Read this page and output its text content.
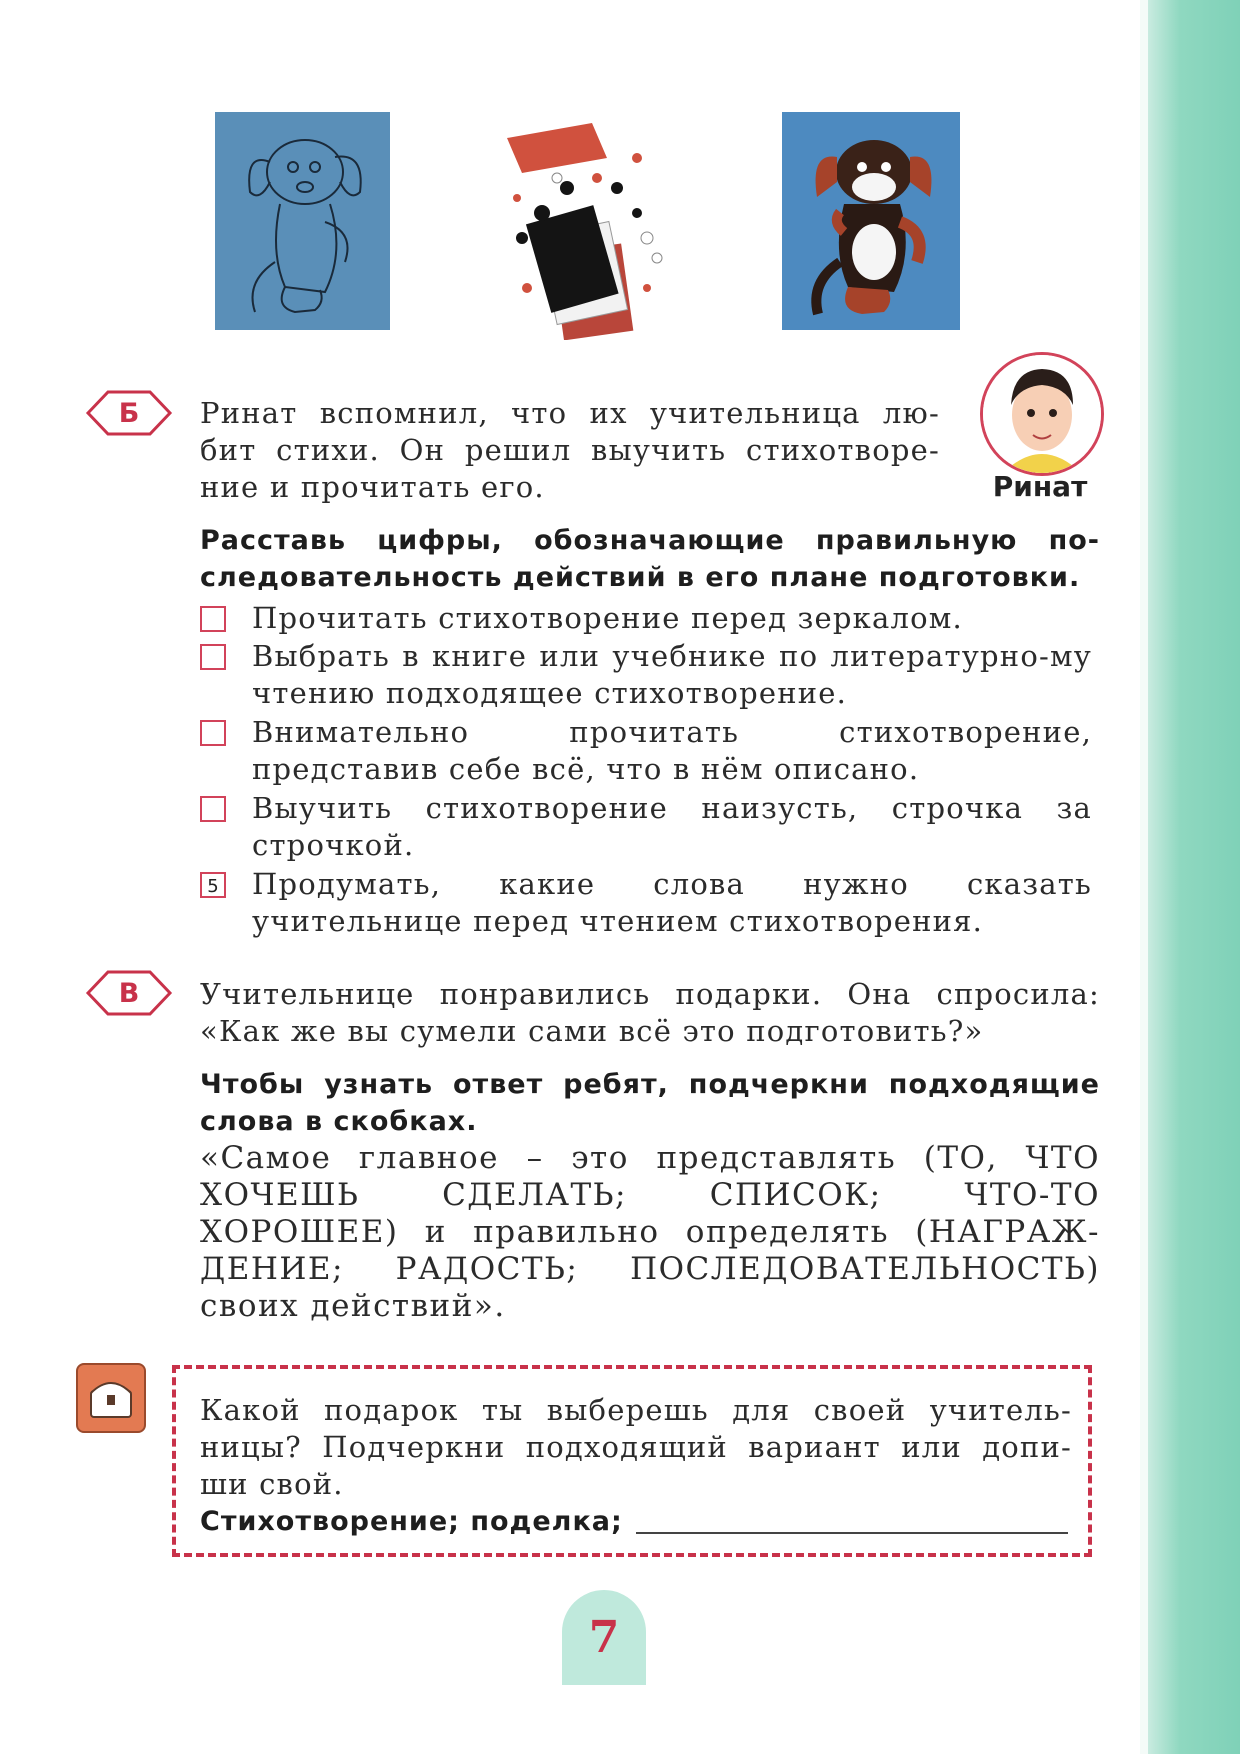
Б	Ринат вспомнил, что их учительница лю-
бит стихи. Он решил выучить стихотворе-
ние и прочитать его.	Ринат
Расставь цифры, обозначающие правильную по-
следовательность действий в его плане подготовки.
Прочитать стихотворение перед зеркалом.
Выбрать в книге или учебнике по литературно-му чтению подходящее стихотворение.
Внимательно прочитать стихотворение, представив себе всё, что в нём описано.
Выучить стихотворение наизусть, строчка за строчкой.
5 Продумать, какие слова нужно сказать учительнице перед чтением стихотворения.
В	Учительнице понравились подарки. Она спросила:
«Как же вы сумели сами всё это подготовить?»
Чтобы узнать ответ ребят, подчеркни подходящие
слова в скобках.
«Самое главное – это представлять (ТО, ЧТО
ХОЧЕШЬ СДЕЛАТЬ; СПИСОК; ЧТО-ТО
ХОРОШЕЕ) и правильно определять (НАГРАЖ-
ДЕНИЕ; РАДОСТЬ; ПОСЛЕДОВАТЕЛЬНОСТЬ)
своих действий».
Какой подарок ты выберешь для своей учитель-
ницы? Подчеркни подходящий вариант или допи-
ши свой.
Стихотворение; поделка;
7
